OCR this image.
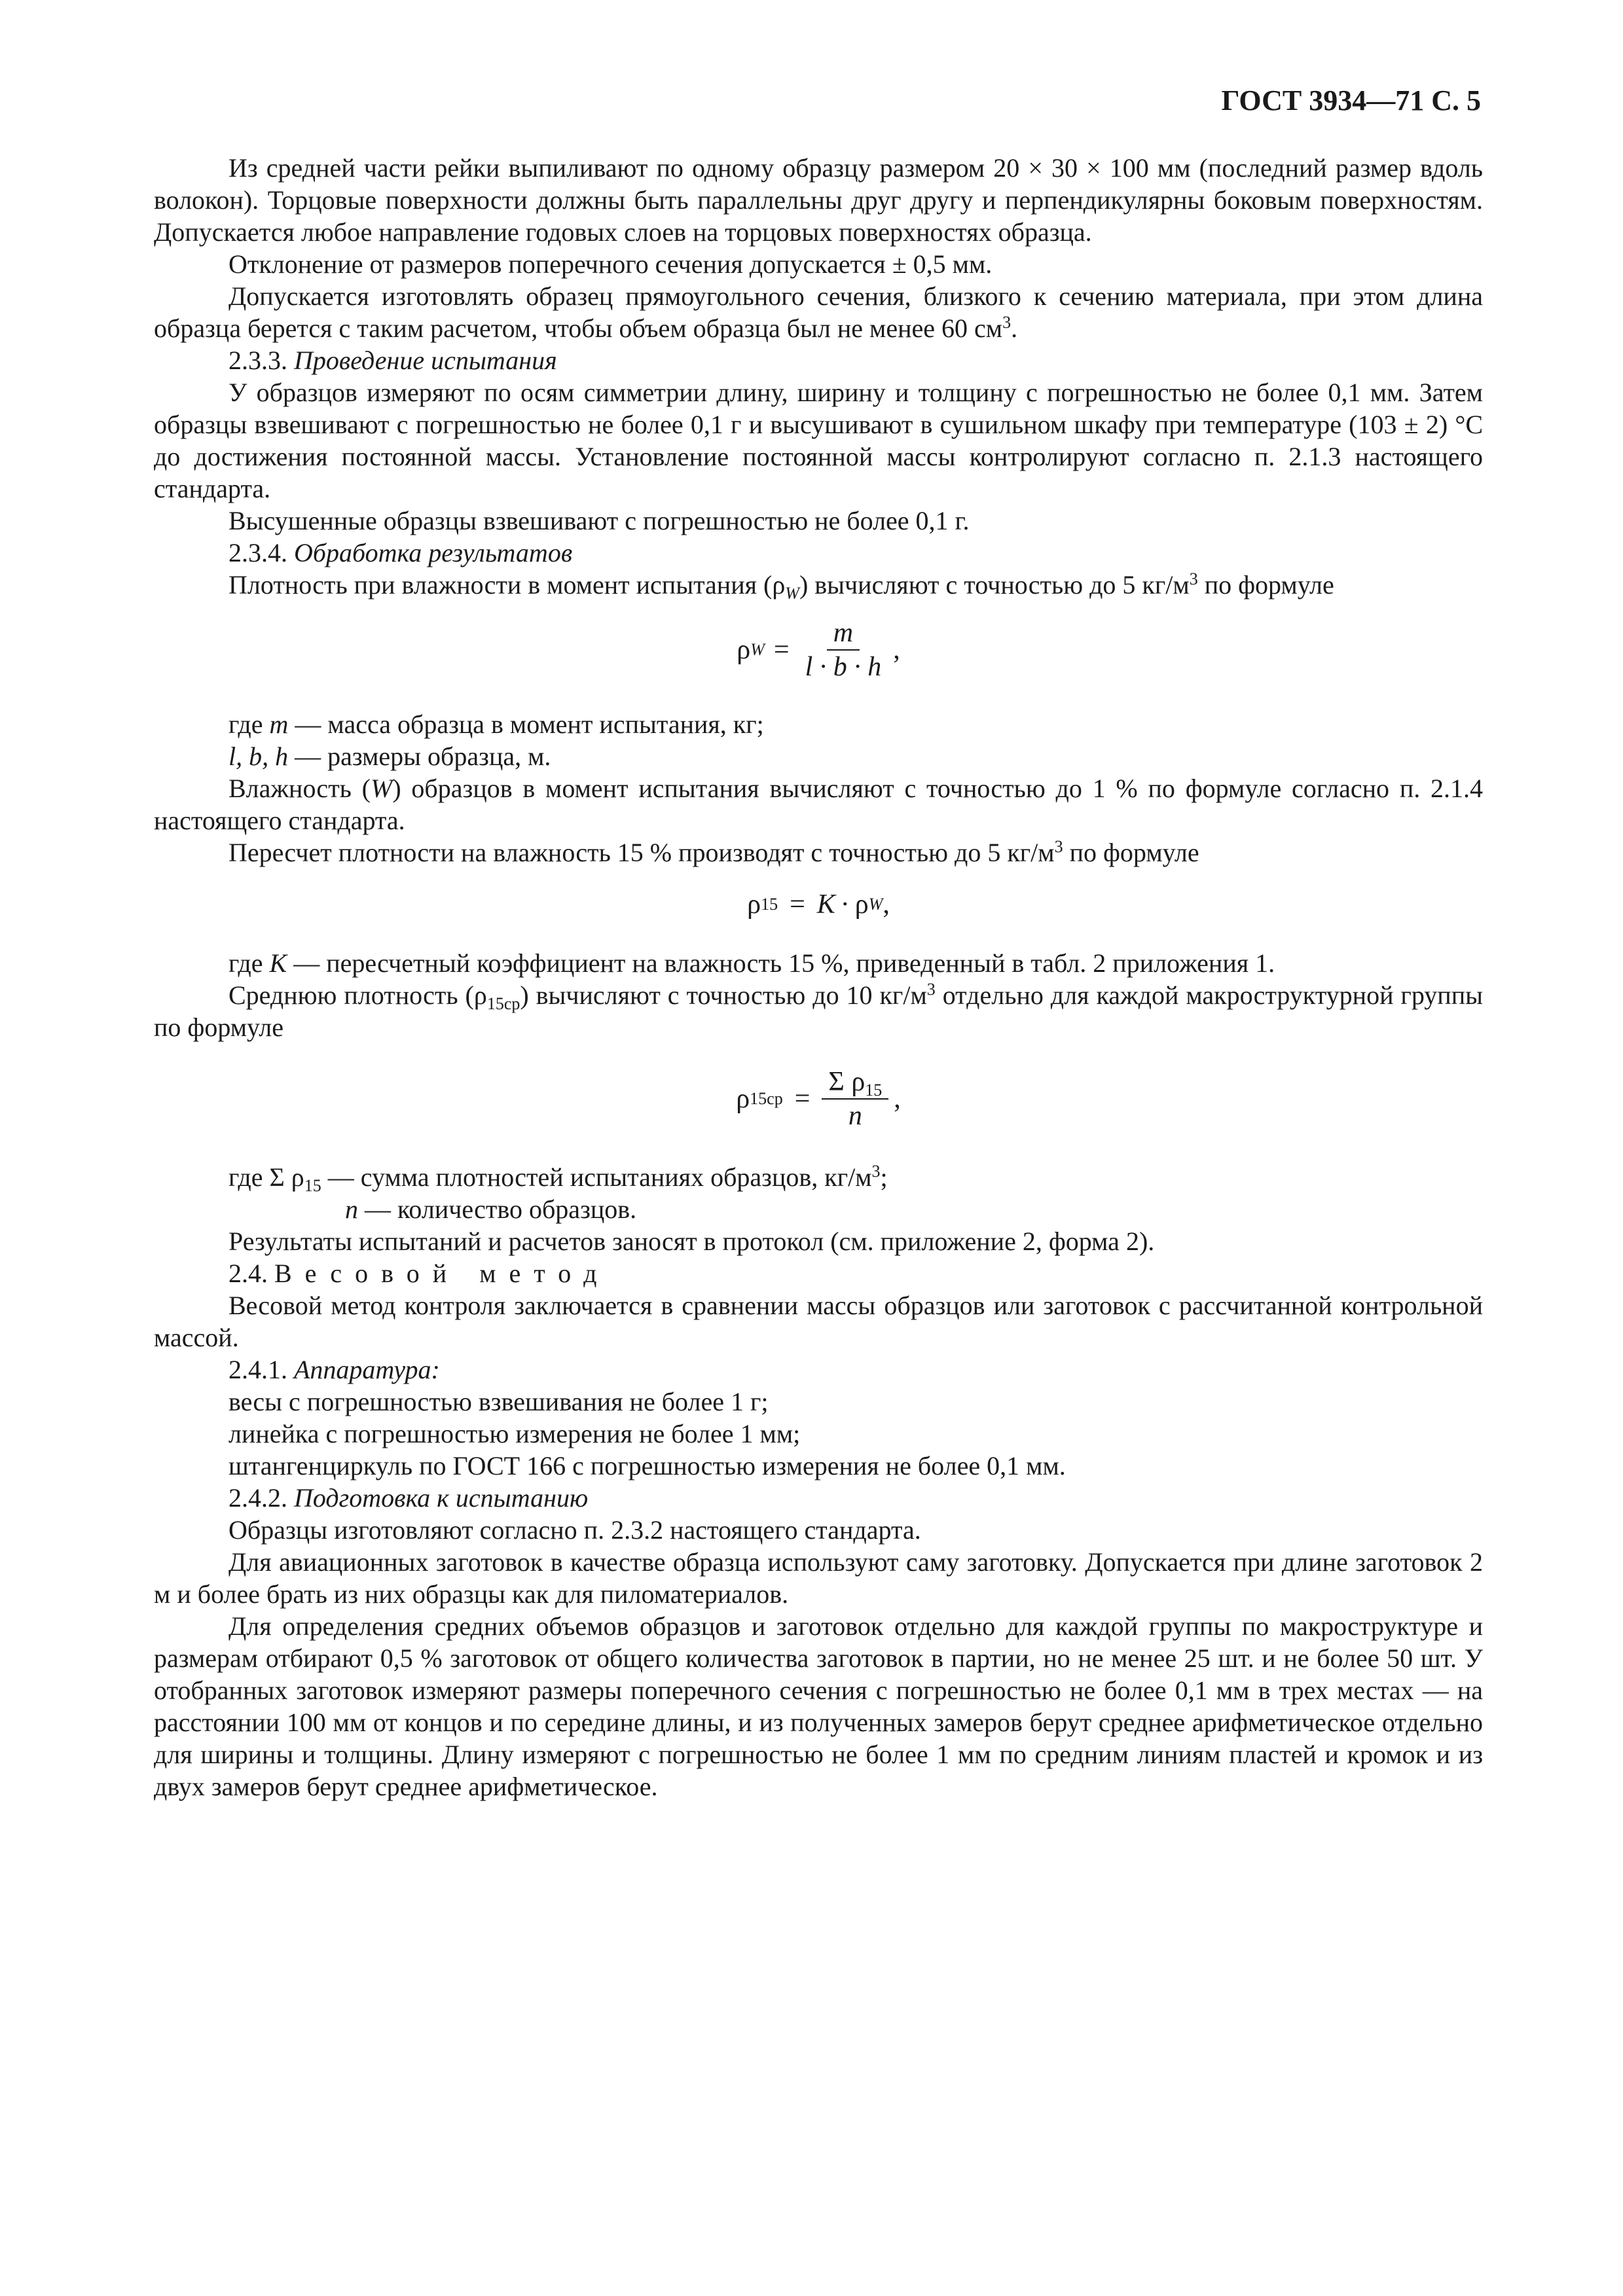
ГОСТ 3934—71 С. 5

Из средней части рейки выпиливают по одному образцу размером 20 × 30 × 100 мм (последний размер вдоль волокон). Торцовые поверхности должны быть параллельны друг другу и перпендикулярны боковым поверхностям. Допускается любое направление годовых слоев на торцовых поверхностях образца.

Отклонение от размеров поперечного сечения допускается ± 0,5 мм.

Допускается изготовлять образец прямоугольного сечения, близкого к сечению материала, при этом длина образца берется с таким расчетом, чтобы объем образца был не менее 60 $см^3$.

2.3.3. Проведение испытания

У образцов измеряют по осям симметрии длину, ширину и толщину с погрешностью не более 0,1 мм. Затем образцы взвешивают с погрешностью не более 0,1 г и высушивают в сушильном шкафу при температуре (103 ± 2) °С до достижения постоянной массы. Установление постоянной массы контролируют согласно п. 2.1.3 настоящего стандарта.

Высушенные образцы взвешивают с погрешностью не более 0,1 г.

2.3.4. Обработка результатов

Плотность при влажности в момент испытания $(\rho_W)$ вычисляют с точностью до 5 $кг/м^3$ по формуле

ρ $W = \frac{m}{l \cdot b \cdot h}$ ,

где m — масса образца в момент испытания, кг;

l, b, h — размеры образца, м.

Влажность (W) образцов в момент испытания вычисляют с точностью до 1 % по формуле согласно п. 2.1.4 настоящего стандарта.

Пересчет плотности на влажность 15 % производят с точностью до 5 $кг/м^3$ по формуле

ρ 15 = K · ρ W ,

где K — пересчетный коэффициент на влажность 15 %, приведенный в табл. 2 приложения 1.

Среднюю плотность $(\rho_{15ср})$ вычисляют с точностью до 10 $кг/м^3$ отдельно для каждой макроструктурной группы по формуле

ρ $15ср = \frac{\Sigma \rho_{15}}{n}$ ,

где Σ $\rho_{15}$ — сумма плотностей испытаниях образцов, $кг/м^3$;

n — количество образцов.

Результаты испытаний и расчетов заносят в протокол (см. приложение 2, форма 2).

2.4. Весовой метод

Весовой метод контроля заключается в сравнении массы образцов или заготовок с рассчитанной контрольной массой.

2.4.1. Аппаратура:

весы с погрешностью взвешивания не более 1 г;

линейка с погрешностью измерения не более 1 мм;

штангенциркуль по ГОСТ 166 с погрешностью измерения не более 0,1 мм.

2.4.2. Подготовка к испытанию

Образцы изготовляют согласно п. 2.3.2 настоящего стандарта.

Для авиационных заготовок в качестве образца используют саму заготовку. Допускается при длине заготовок 2 м и более брать из них образцы как для пиломатериалов.

Для определения средних объемов образцов и заготовок отдельно для каждой группы по макроструктуре и размерам отбирают 0,5 % заготовок от общего количества заготовок в партии, но не менее 25 шт. и не более 50 шт. У отобранных заготовок измеряют размеры поперечного сечения с погрешностью не более 0,1 мм в трех местах — на расстоянии 100 мм от концов и по середине длины, и из полученных замеров берут среднее арифметическое отдельно для ширины и толщины. Длину измеряют с погрешностью не более 1 мм по средним линиям пластей и кромок и из двух замеров берут среднее арифметическое.
